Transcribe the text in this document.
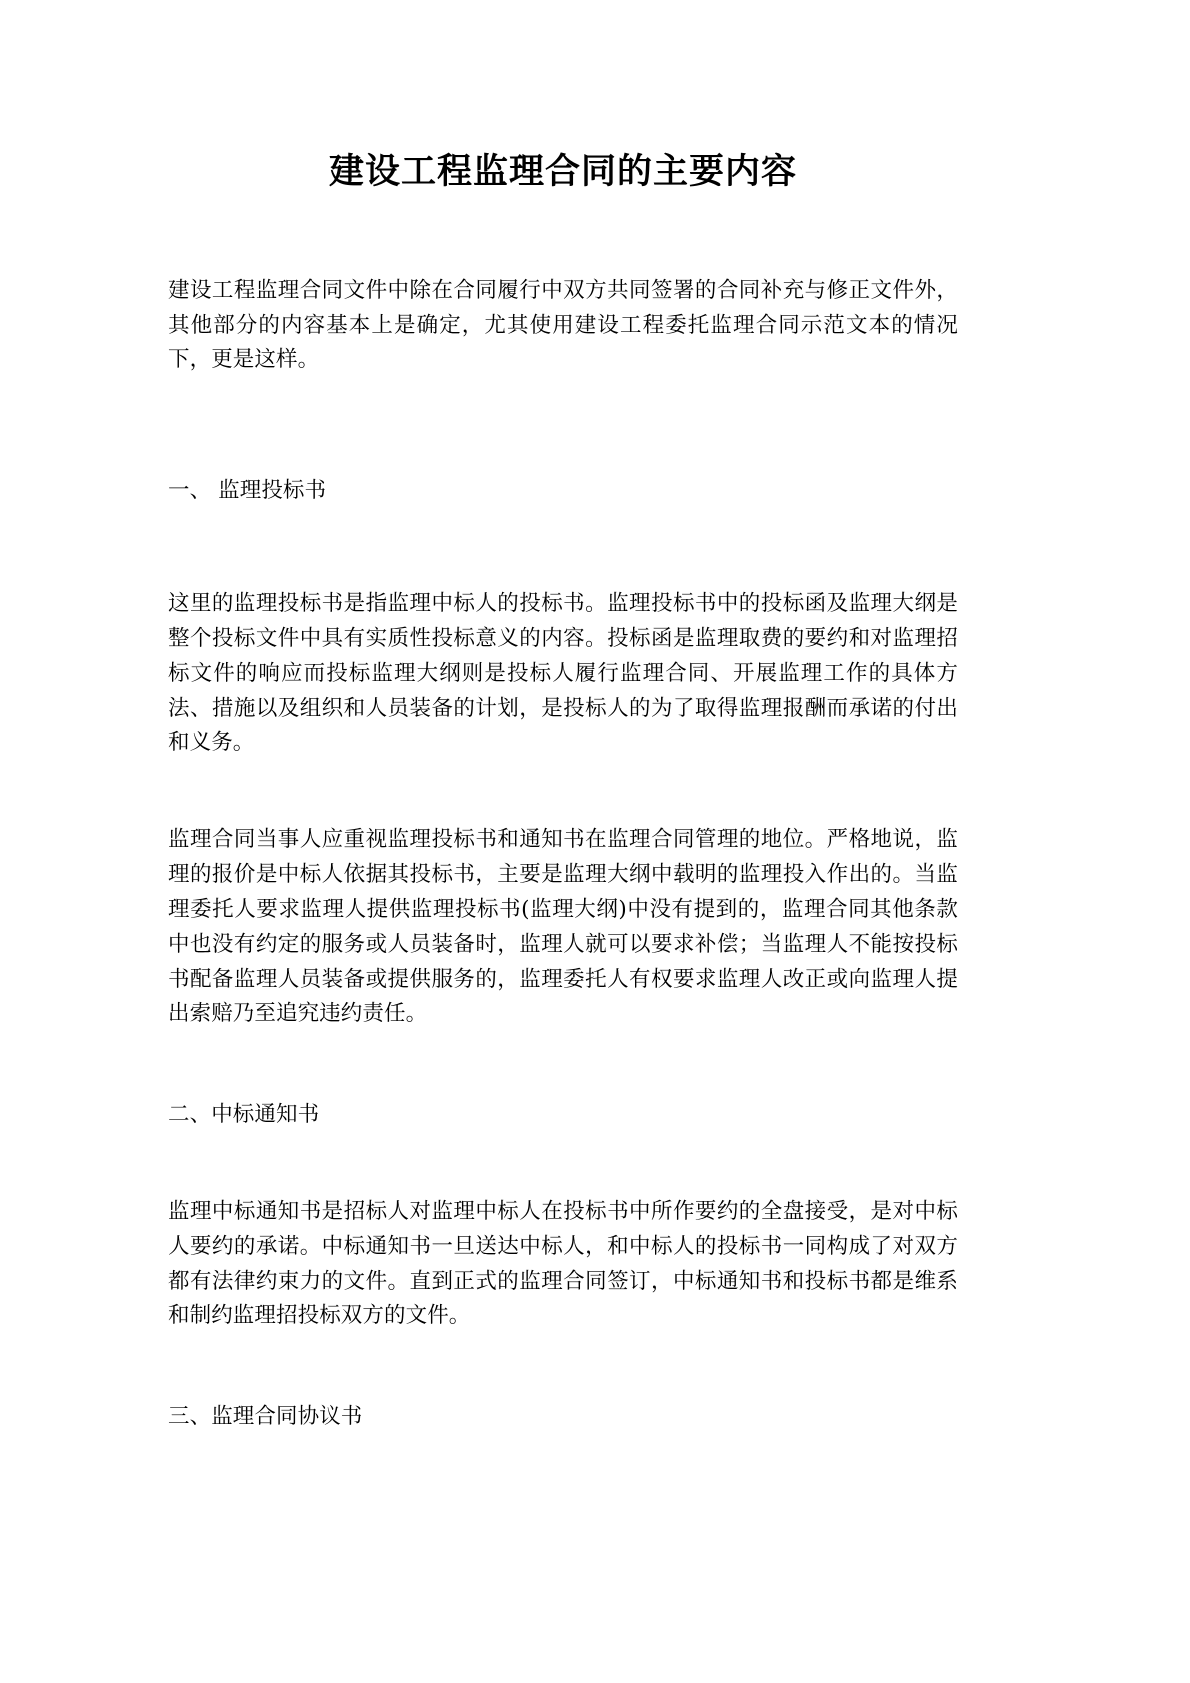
建设工程监理合同的主要内容

建设工程监理合同文件中除在合同履行中双方共同签署的合同补充与修正文件外，其他部分的内容基本上是确定，尤其使用建设工程委托监理合同示范文本的情况下，更是这样。

一、 监理投标书

这里的监理投标书是指监理中标人的投标书。监理投标书中的投标函及监理大纲是整个投标文件中具有实质性投标意义的内容。投标函是监理取费的要约和对监理招标文件的响应而投标监理大纲则是投标人履行监理合同、开展监理工作的具体方法、措施以及组织和人员装备的计划，是投标人的为了取得监理报酬而承诺的付出和义务。

监理合同当事人应重视监理投标书和通知书在监理合同管理的地位。严格地说，监理的报价是中标人依据其投标书，主要是监理大纲中载明的监理投入作出的。当监理委托人要求监理人提供监理投标书(监理大纲)中没有提到的，监理合同其他条款中也没有约定的服务或人员装备时，监理人就可以要求补偿；当监理人不能按投标书配备监理人员装备或提供服务的，监理委托人有权要求监理人改正或向监理人提出索赔乃至追究违约责任。

二、中标通知书

监理中标通知书是招标人对监理中标人在投标书中所作要约的全盘接受，是对中标人要约的承诺。中标通知书一旦送达中标人，和中标人的投标书一同构成了对双方都有法律约束力的文件。直到正式的监理合同签订，中标通知书和投标书都是维系和制约监理招投标双方的文件。

三、监理合同协议书
